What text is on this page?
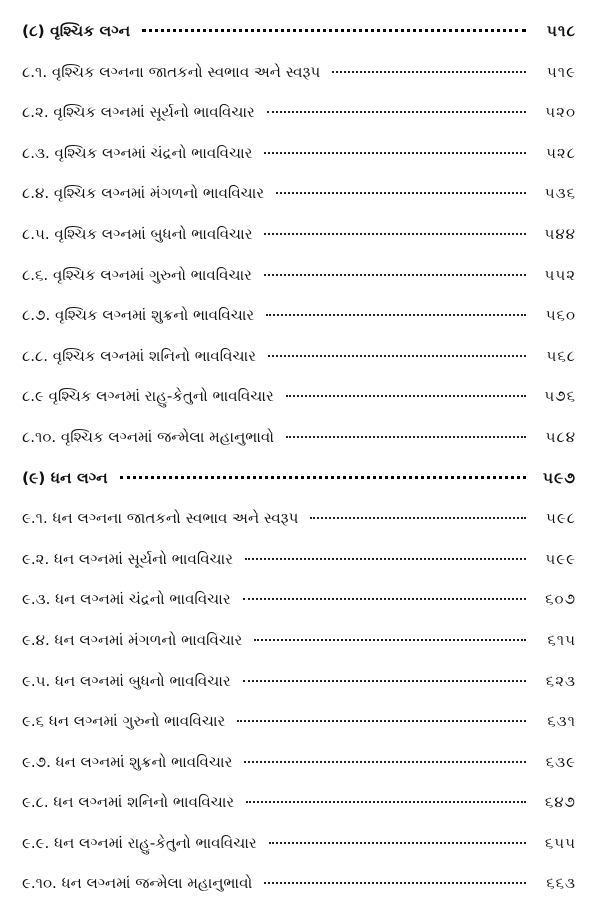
(૮) વૃશ્ચિક લગ્ન	૫૧૮
૮.૧. વૃશ્ચિક લગ્નના જાતકનો સ્વભાવ અને સ્વરૂપ	૫૧૯
૮.૨. વૃશ્ચિક લગ્નમાં સૂર્યનો ભાવવિચાર	૫૨૦
૮.૩. વૃશ્ચિક લગ્નમાં ચંદ્રનો ભાવવિચાર	૫૨૮
૮.૪. વૃશ્ચિક લગ્નમાં મંગળનો ભાવવિચાર	૫૩૬
૮.૫. વૃશ્ચિક લગ્નમાં બુધનો ભાવવિચાર	૫૪૪
૮.૬. વૃશ્ચિક લગ્નમાં ગુરુનો ભાવવિચાર	૫૫૨
૮.૭. વૃશ્ચિક લગ્નમાં શુક્રનો ભાવવિચાર	૫૬૦
૮.૮. વૃશ્ચિક લગ્નમાં શનિનો ભાવવિચાર	૫૬૮
૮.૯ વૃશ્ચિક લગ્નમાં રાહુ-કેતુનો ભાવવિચાર	૫૭૬
૮.૧૦. વૃશ્ચિક લગ્નમાં જન્મેલા મહાનુભાવો	૫૮૪
(૯) ધન લગ્ન	૫૯૭
૯.૧. ધન લગ્નના જાતકનો સ્વભાવ અને સ્વરૂપ	૫૯૮
૯.૨. ધન લગ્નમાં સૂર્યનો ભાવવિચાર	૫૯૯
૯.૩. ધન લગ્નમાં ચંદ્રનો ભાવવિચાર	૬૦૭
૯.૪. ધન લગ્નમાં મંગળનો ભાવવિચાર	૬૧૫
૯.૫. ધન લગ્નમાં બુધનો ભાવવિચાર	૬૨૩
૯.૬ ધન લગ્નમાં ગુરુનો ભાવવિચાર	૬૩૧
૯.૭. ધન લગ્નમાં શુક્રનો ભાવવિચાર	૬૩૯
૯.૮. ધન લગ્નમાં શનિનો ભાવવિચાર	૬૪૭
૯.૯. ધન લગ્નમાં રાહુ-કેતુનો ભાવવિચાર	૬૫૫
૯.૧૦. ધન લગ્નમાં જન્મેલા મહાનુભાવો	૬૬૩
